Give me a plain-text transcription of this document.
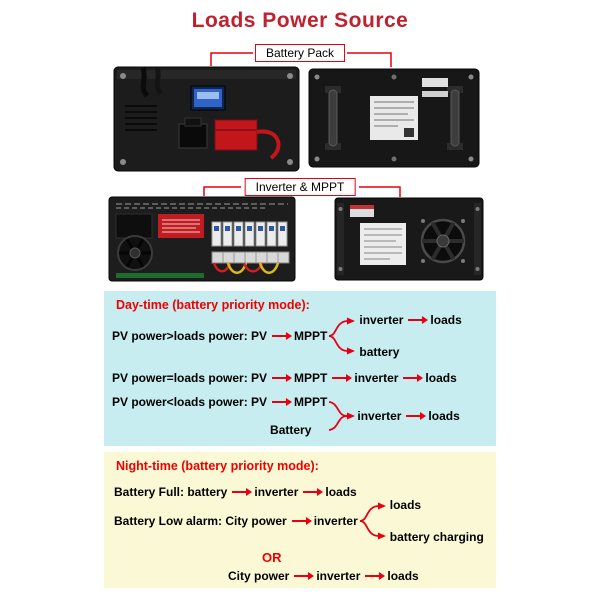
Loads Power Source
Battery Pack
Inverter & MPPT
Day-time (battery priority mode):
PV power>loads power: PV MPPT
inverter loads
battery
PV power=loads power: PV MPPT inverter loads
PV power<loads power: PV MPPT
Battery
inverter loads
Night-time (battery priority mode):
Battery Full: battery inverter loads
Battery Low alarm: City power inverter
loads
battery charging
OR
City power inverter loads
